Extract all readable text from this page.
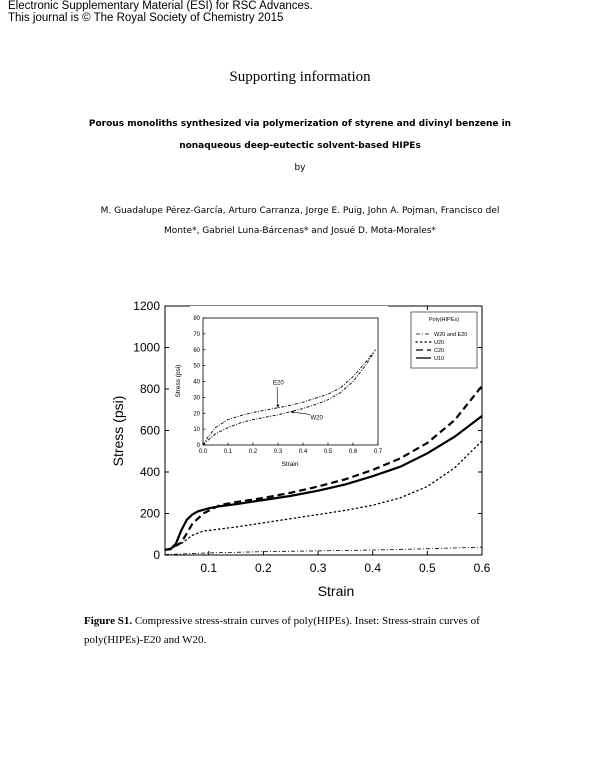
Electronic Supplementary Material (ESI) for RSC Advances.
This journal is © The Royal Society of Chemistry 2015
Supporting information
Porous monoliths synthesized via polymerization of styrene and divinyl benzene in
nonaqueous deep-eutectic solvent-based HIPEs
by
M. Guadalupe Pérez-García, Arturo Carranza, Jorge E. Puig, John A. Pojman, Francisco del
Monte*, Gabriel Luna-Bárcenas* and Josué D. Mota-Morales*
0.1	0.2	0.3	0.4	0.5	0.6
0
200
400
600
800
1000
1200
Strain
Stress (psi)
Poly(HIPEs)
W20 and E20
U20
C20
U10
0.0	0.1	0.2	0.3	0.4	0.5	0.6	0.7
0
10
20
30
40
50
60
70
80
E20
W20
Strain
Stress (psi)
Figure S1. Compressive stress-strain curves of poly(HIPEs). Inset: Stress-strain curves of poly(HIPEs)-E20 and W20.
